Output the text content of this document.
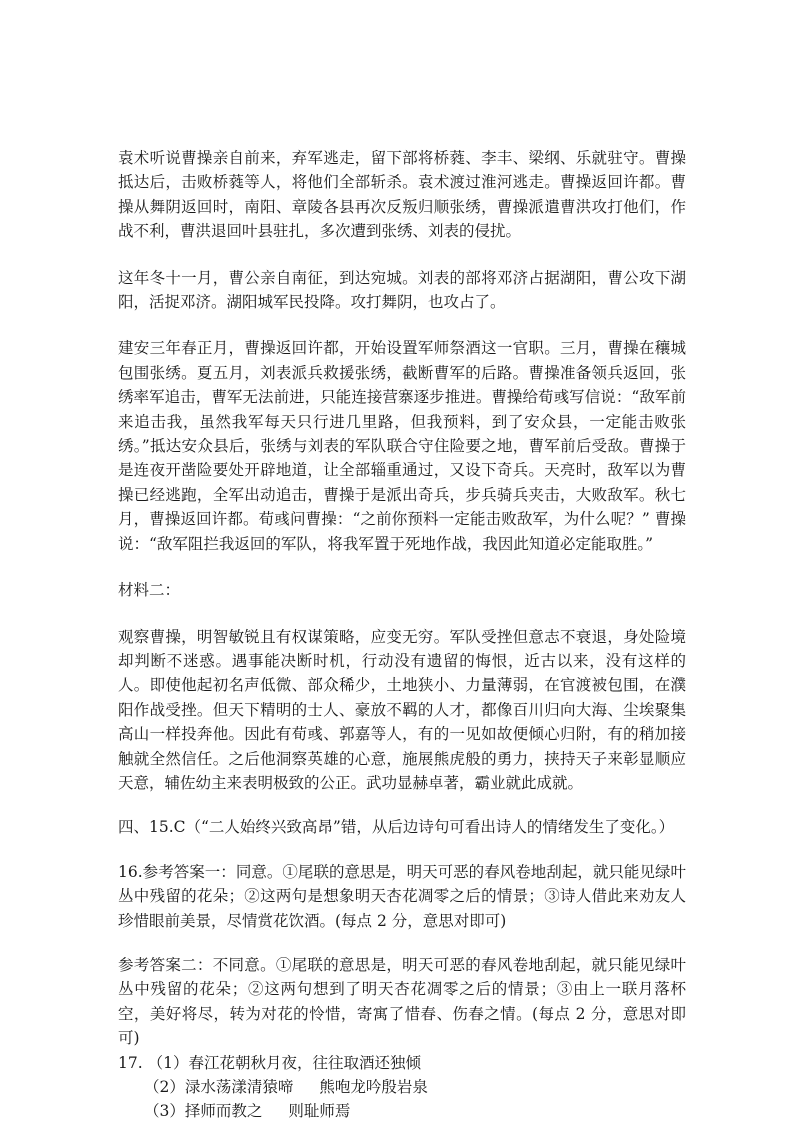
袁术听说曹操亲自前来，弃军逃走，留下部将桥蕤、李丰、梁纲、乐就驻守。曹操抵达后，击败桥蕤等人，将他们全部斩杀。袁术渡过淮河逃走。曹操返回许都。曹操从舞阴返回时，南阳、章陵各县再次反叛归顺张绣，曹操派遣曹洪攻打他们，作战不利，曹洪退回叶县驻扎，多次遭到张绣、刘表的侵扰。

这年冬十一月，曹公亲自南征，到达宛城。刘表的部将邓济占据湖阳，曹公攻下湖阳，活捉邓济。湖阳城军民投降。攻打舞阴，也攻占了。

建安三年春正月，曹操返回许都，开始设置军师祭酒这一官职。三月，曹操在穰城包围张绣。夏五月，刘表派兵救援张绣，截断曹军的后路。曹操准备领兵返回，张绣率军追击，曹军无法前进，只能连接营寨逐步推进。曹操给荀彧写信说：“敌军前来追击我，虽然我军每天只行进几里路，但我预料，到了安众县，一定能击败张绣。”抵达安众县后，张绣与刘表的军队联合守住险要之地，曹军前后受敌。曹操于是连夜开凿险要处开辟地道，让全部辎重通过，又设下奇兵。天亮时，敌军以为曹操已经逃跑，全军出动追击，曹操于是派出奇兵，步兵骑兵夹击，大败敌军。秋七月，曹操返回许都。荀彧问曹操：“之前你预料一定能击败敌军，为什么呢？” 曹操说：“敌军阻拦我返回的军队，将我军置于死地作战，我因此知道必定能取胜。”

材料二：

观察曹操，明智敏锐且有权谋策略，应变无穷。军队受挫但意志不衰退，身处险境却判断不迷惑。遇事能决断时机，行动没有遗留的悔恨，近古以来，没有这样的人。即使他起初名声低微、部众稀少，土地狭小、力量薄弱，在官渡被包围，在濮阳作战受挫。但天下精明的士人、豪放不羁的人才，都像百川归向大海、尘埃聚集高山一样投奔他。因此有荀彧、郭嘉等人，有的一见如故便倾心归附，有的稍加接触就全然信任。之后他洞察英雄的心意，施展熊虎般的勇力，挟持天子来彰显顺应天意，辅佐幼主来表明极致的公正。武功显赫卓著，霸业就此成就。

四、15.C（“二人始终兴致高昂”错，从后边诗句可看出诗人的情绪发生了变化。）

16.参考答案一：同意。①尾联的意思是，明天可恶的春风卷地刮起，就只能见绿叶丛中残留的花朵；②这两句是想象明天杏花凋零之后的情景；③诗人借此来劝友人珍惜眼前美景，尽情赏花饮酒。(每点 2 分，意思对即可)

参考答案二：不同意。①尾联的意思是，明天可恶的春风卷地刮起，就只能见绿叶丛中残留的花朵；②这两句想到了明天杏花凋零之后的情景；③由上一联月落杯空，美好将尽，转为对花的怜惜，寄寓了惜春、伤春之情。(每点 2 分，意思对即可)

17. （1）春江花朝秋月夜，往往取酒还独倾

（2）渌水荡漾清猿啼 熊咆龙吟殷岩泉

（3）择师而教之 则耻师焉
